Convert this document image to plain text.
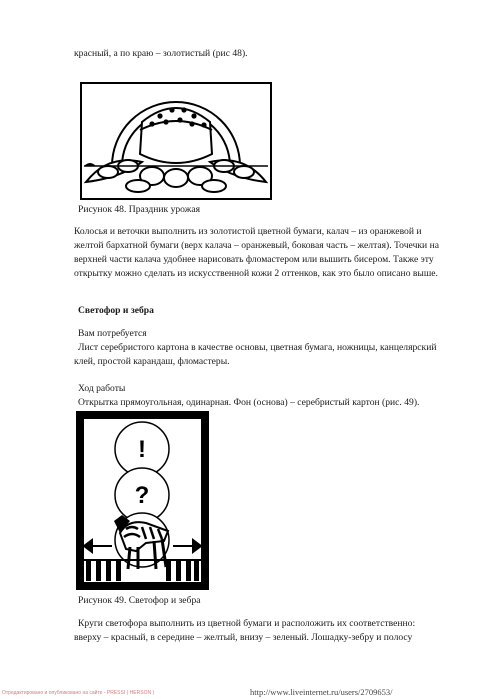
красный, а по краю – золотистый (рис 48).
Рисунок 48. Праздник урожая
Колосья и веточки выполнить из золотистой цветной бумаги, калач – из оранжевой и
желтой бархатной бумаги (верх калача – оранжевый, боковая часть – желтая). Точечки на
верхней части калача удобнее нарисовать фломастером или вышить бисером. Также эту
открытку можно сделать из искусственной кожи 2 оттенков, как это было описано выше.
Светофор и зебра
Вам потребуется
Лист серебристого картона в качестве основы, цветная бумага, ножницы, канцелярский
клей, простой карандаш, фломастеры.
Ход работы
Открытка прямоугольная, одинарная. Фон (основа) – серебристый картон (рис. 49).
!
?
Рисунок 49. Светофор и зебра
Круги светофора выполнить из цветной бумаги и расположить их соответственно:
вверху – красный, в середине – желтый, внизу – зеленый. Лошадку-зебру и полосу
Отредактировано и опубликовано на сайте - PRESSI ( HERSON )	http://www.liveinternet.ru/users/2709653/
